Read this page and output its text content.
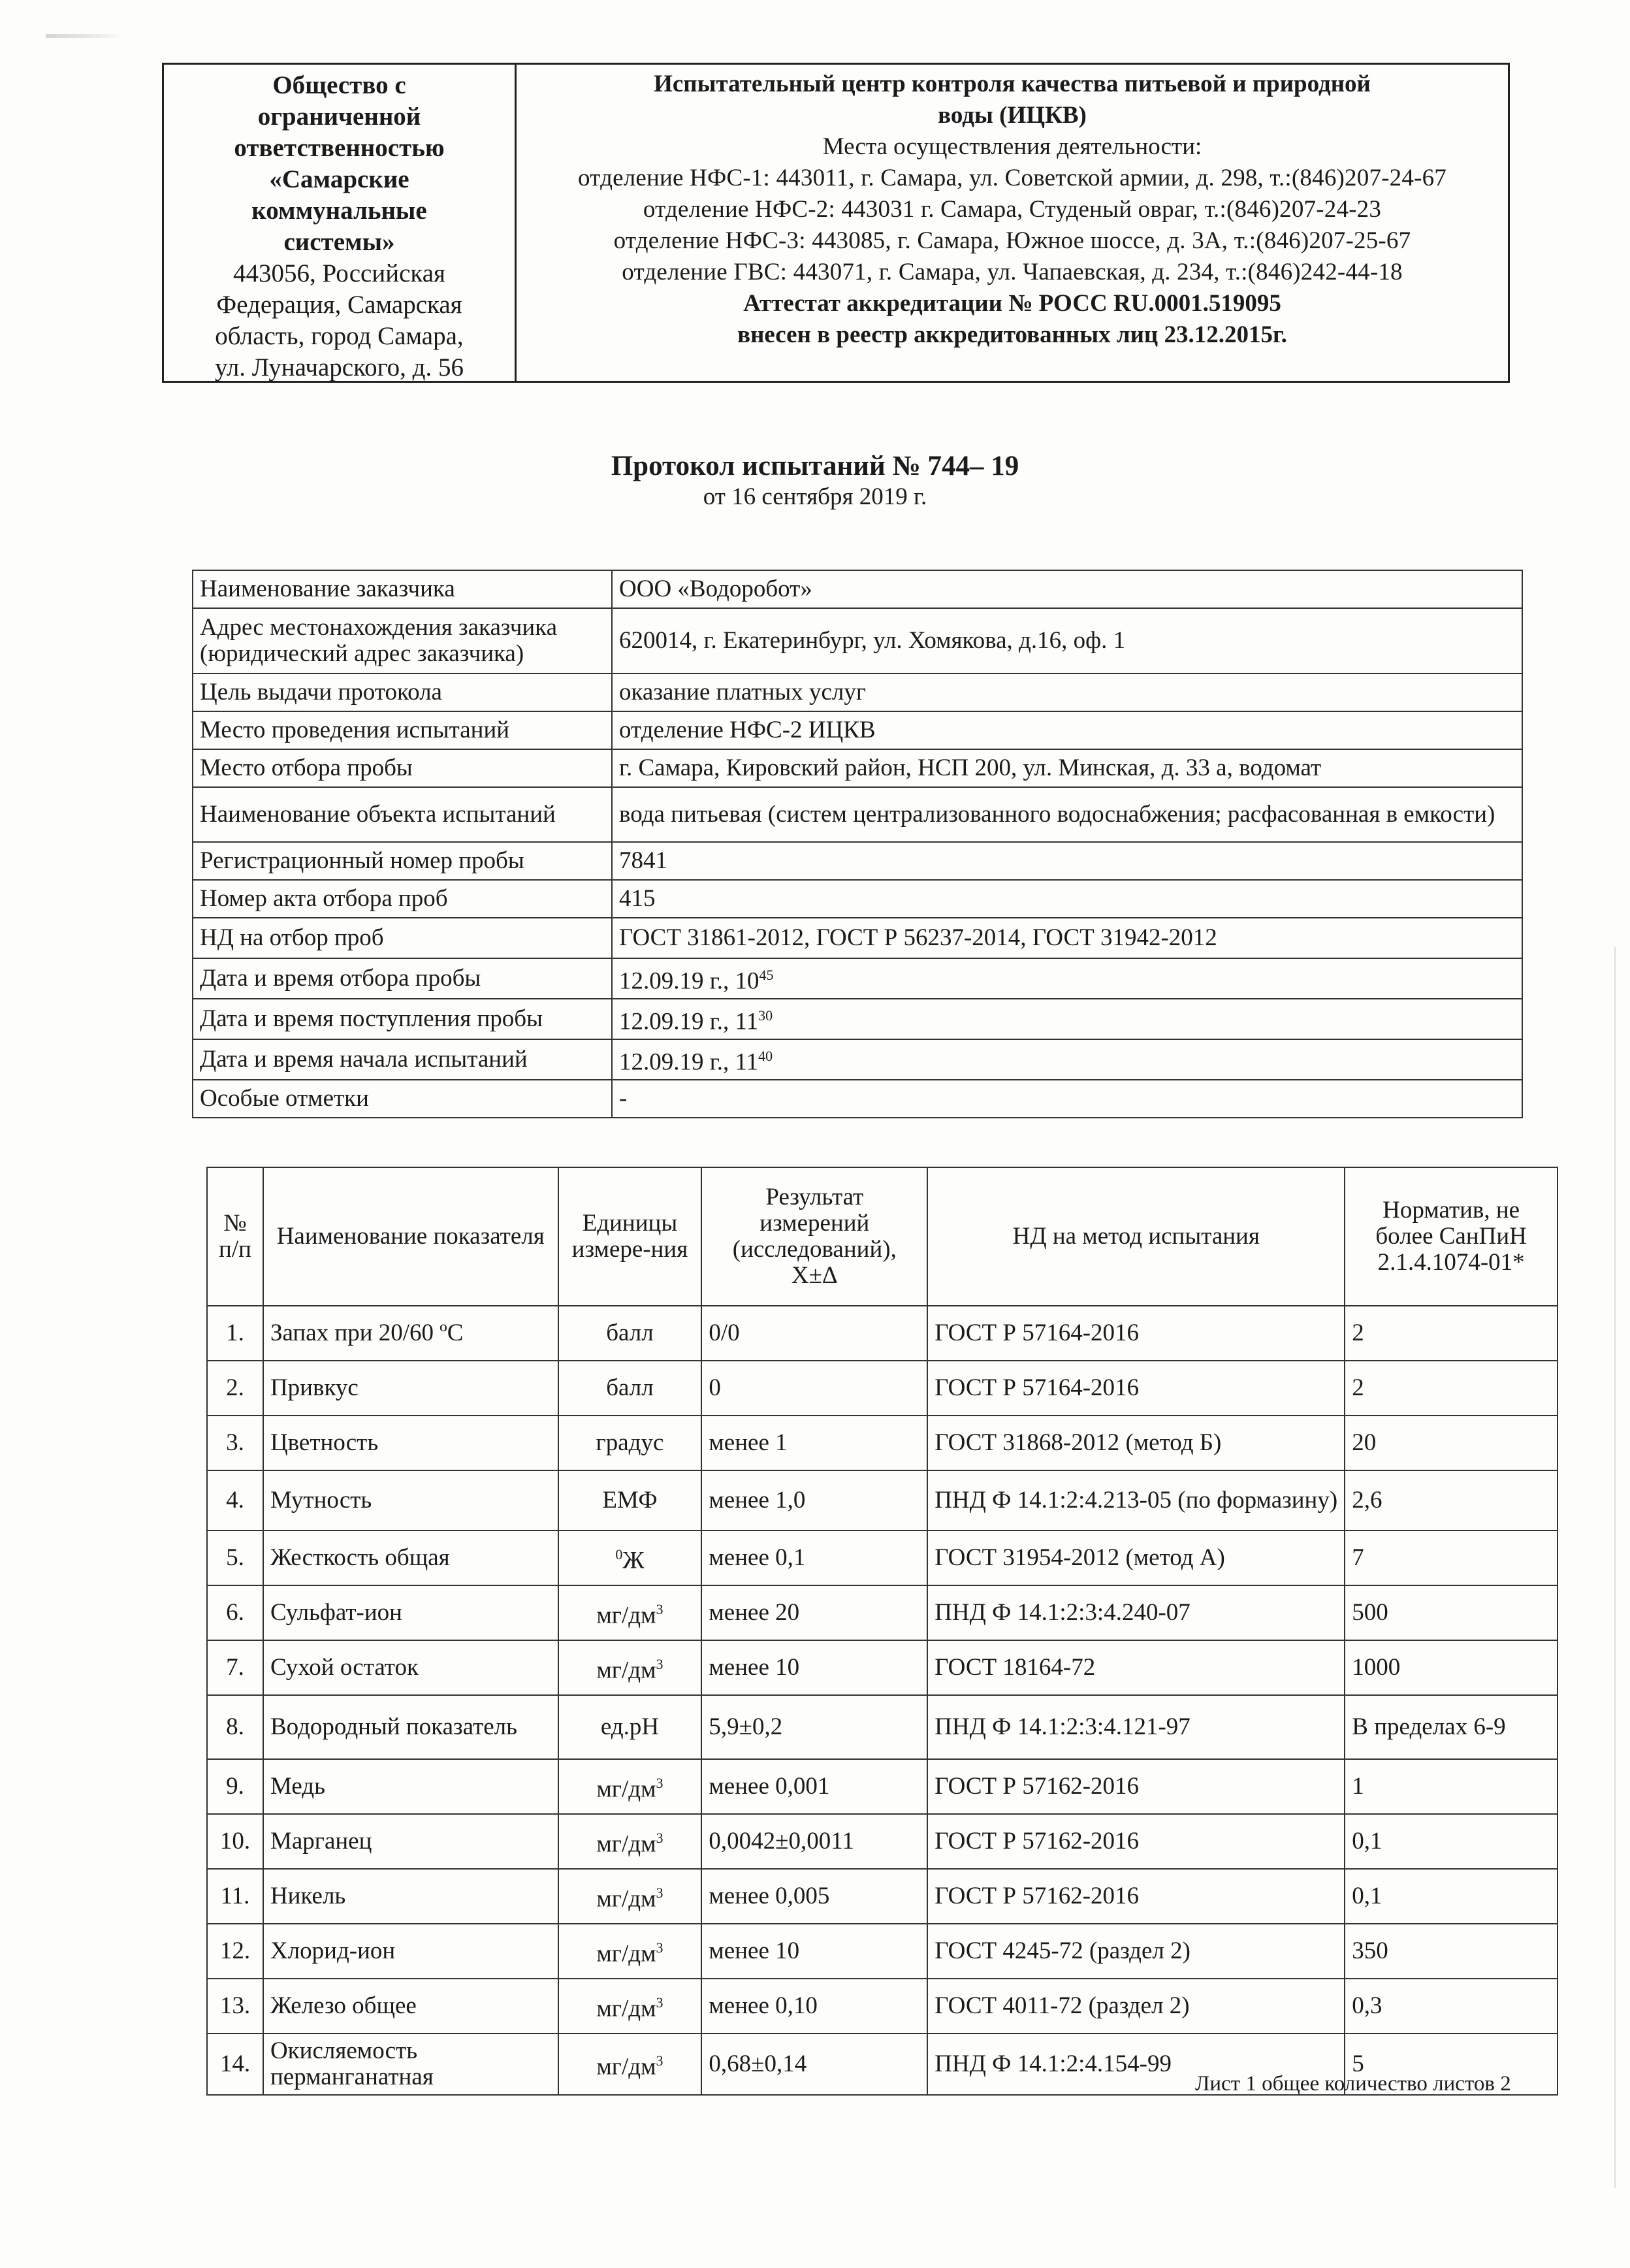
Общество с
ограниченной
ответственностью
«Самарские
коммунальные
системы»
443056, Российская
Федерация, Самарская
область, город Самара,
ул. Луначарского, д. 56
Испытательный центр контроля качества питьевой и природной
воды (ИЦКВ)
Места осуществления деятельности:
отделение НФС-1: 443011, г. Самара, ул. Советской армии, д. 298, т.:(846)207-24-67
отделение НФС-2: 443031 г. Самара, Студеный овраг, т.:(846)207-24-23
отделение НФС-3: 443085, г. Самара, Южное шоссе, д. 3А, т.:(846)207-25-67
отделение ГВС: 443071, г. Самара, ул. Чапаевская, д. 234, т.:(846)242-44-18
Аттестат аккредитации № РОСС RU.0001.519095
внесен в реестр аккредитованных лиц 23.12.2015г.
Протокол испытаний № 744– 19
от 16 сентября 2019 г.
Наименование заказчика	ООО «Водоробот»
Адрес местонахождения заказчика (юридический адрес заказчика)	620014, г. Екатеринбург, ул. Хомякова, д.16, оф. 1
Цель выдачи протокола	оказание платных услуг
Место проведения испытаний	отделение НФС-2 ИЦКВ
Место отбора пробы	г. Самара, Кировский район, НСП 200, ул. Минская, д. 33 а, водомат
Наименование объекта испытаний	вода питьевая (систем централизованного водоснабжения; расфасованная в емкости)
Регистрационный номер пробы	7841
Номер акта отбора проб	415
НД на отбор проб	ГОСТ 31861-2012, ГОСТ Р 56237-2014, ГОСТ 31942-2012
Дата и время отбора пробы	12.09.19 г., $10^{45}$
Дата и время поступления пробы	12.09.19 г., $11^{30}$
Дата и время начала испытаний	12.09.19 г., $11^{40}$
Особые отметки	-
№ п/п	Наименование показателя	Единицы измере-ния	Результат измерений (исследований), X±Δ	НД на метод испытания	Норматив, не более СанПиН 2.1.4.1074-01*
1.	Запах при 20/60 ºС	балл	0/0	ГОСТ Р 57164-2016	2
2.	Привкус	балл	0	ГОСТ Р 57164-2016	2
3.	Цветность	градус	менее 1	ГОСТ 31868-2012 (метод Б)	20
4.	Мутность	ЕМФ	менее 1,0	ПНД Ф 14.1:2:4.213-05 (по формазину)	2,6
5.	Жесткость общая	$^0$Ж	менее 0,1	ГОСТ 31954-2012 (метод А)	7
6.	Сульфат-ион	$мг/дм^3$	менее 20	ПНД Ф 14.1:2:3:4.240-07	500
7.	Сухой остаток	$мг/дм^3$	менее 10	ГОСТ 18164-72	1000
8.	Водородный показатель	ед.рН	5,9±0,2	ПНД Ф 14.1:2:3:4.121-97	В пределах 6-9
9.	Медь	$мг/дм^3$	менее 0,001	ГОСТ Р 57162-2016	1
10.	Марганец	$мг/дм^3$	0,0042±0,0011	ГОСТ Р 57162-2016	0,1
11.	Никель	$мг/дм^3$	менее 0,005	ГОСТ Р 57162-2016	0,1
12.	Хлорид-ион	$мг/дм^3$	менее 10	ГОСТ 4245-72 (раздел 2)	350
13.	Железо общее	$мг/дм^3$	менее 0,10	ГОСТ 4011-72 (раздел 2)	0,3
14.	Окисляемость перманганатная	$мг/дм^3$	0,68±0,14	ПНД Ф 14.1:2:4.154-99	5
Лист 1 общее количество листов 2
